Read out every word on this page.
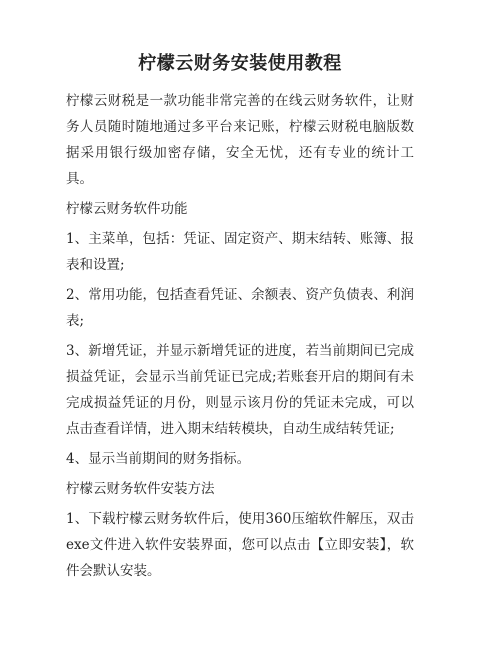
柠檬云财务安装使用教程

柠檬云财税是一款功能非常完善的在线云财务软件，让财务人员随时随地通过多平台来记账，柠檬云财税电脑版数据采用银行级加密存储，安全无忧，还有专业的统计工具。

柠檬云财务软件功能

1、主菜单，包括：凭证、固定资产、期末结转、账簿、报表和设置;

2、常用功能，包括查看凭证、余额表、资产负债表、利润表;

3、新增凭证，并显示新增凭证的进度，若当前期间已完成损益凭证，会显示当前凭证已完成;若账套开启的期间有未完成损益凭证的月份，则显示该月份的凭证未完成，可以点击查看详情，进入期末结转模块，自动生成结转凭证;

4、显示当前期间的财务指标。

柠檬云财务软件安装方法

1、下载柠檬云财务软件后，使用360压缩软件解压，双击exe文件进入软件安装界面，您可以点击【立即安装】，软件会默认安装。
